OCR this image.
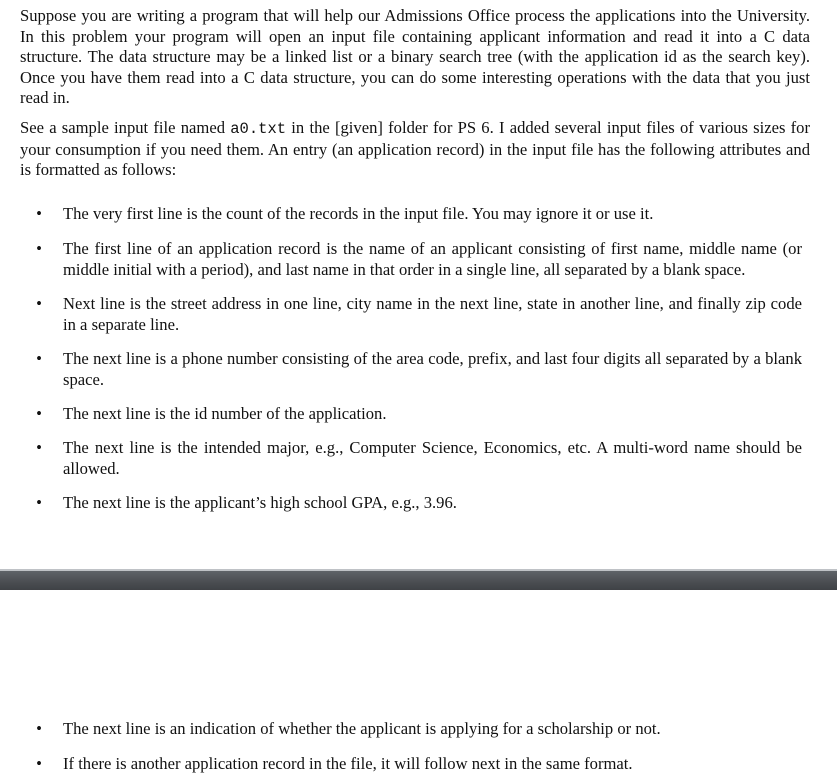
Suppose you are writing a program that will help our Admissions Office process the applications into the University. In this problem your program will open an input file containing applicant information and read it into a C data structure. The data structure may be a linked list or a binary search tree (with the application id as the search key). Once you have them read into a C data structure, you can do some interesting operations with the data that you just read in.

See a sample input file named a0.txt in the [given] folder for PS 6. I added several input files of various sizes for your consumption if you need them. An entry (an application record) in the input file has the following attributes and is formatted as follows:

•	The very first line is the count of the records in the input file. You may ignore it or use it.
•	The first line of an application record is the name of an applicant consisting of first name, middle name (or middle initial with a period), and last name in that order in a single line, all separated by a blank space.
•	Next line is the street address in one line, city name in the next line, state in another line, and finally zip code in a separate line.
•	The next line is a phone number consisting of the area code, prefix, and last four digits all separated by a blank space.
•	The next line is the id number of the application.
•	The next line is the intended major, e.g., Computer Science, Economics, etc. A multi-word name should be allowed.
•	The next line is the applicant’s high school GPA, e.g., 3.96.
•	The next line is an indication of whether the applicant is applying for a scholarship or not.
•	If there is another application record in the file, it will follow next in the same format.
